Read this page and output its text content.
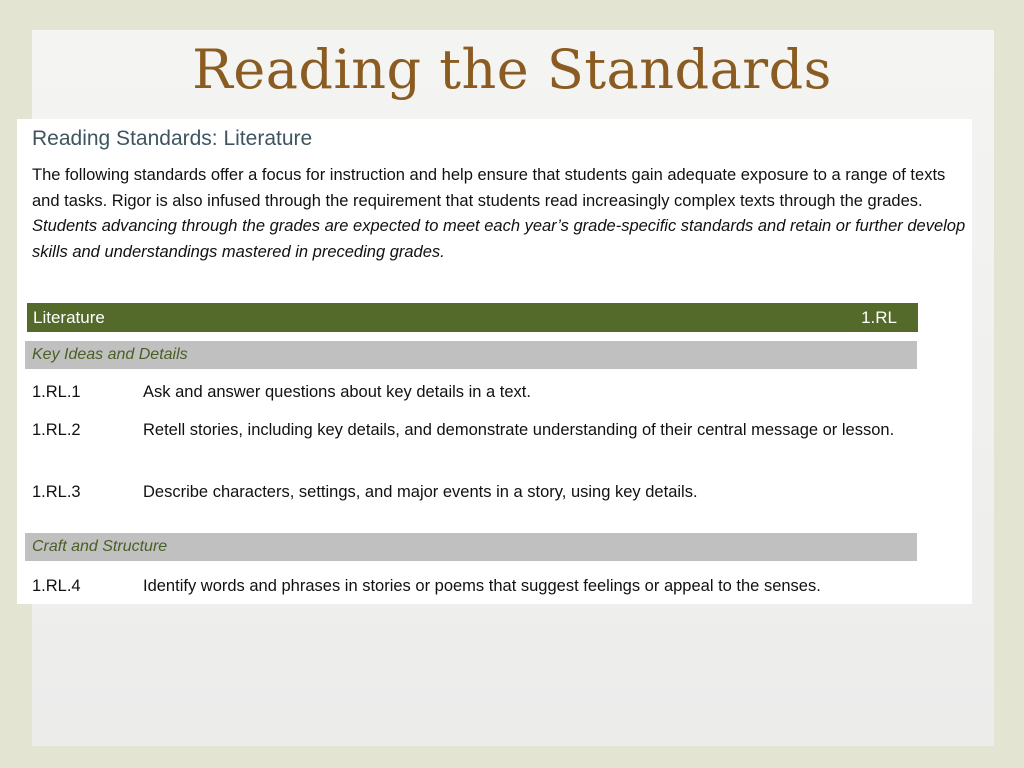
Reading the Standards
Reading Standards: Literature
The following standards offer a focus for instruction and help ensure that students gain adequate exposure to a range of texts and tasks. Rigor is also infused through the requirement that students read increasingly complex texts through the grades. Students advancing through the grades are expected to meet each year’s grade-specific standards and retain or further develop skills and understandings mastered in preceding grades.
Literature	1.RL
Key Ideas and Details
1.RL.1	Ask and answer questions about key details in a text.
1.RL.2	Retell stories, including key details, and demonstrate understanding of their central message or lesson.
1.RL.3	Describe characters, settings, and major events in a story, using key details.
Craft and Structure
1.RL.4	Identify words and phrases in stories or poems that suggest feelings or appeal to the senses.
